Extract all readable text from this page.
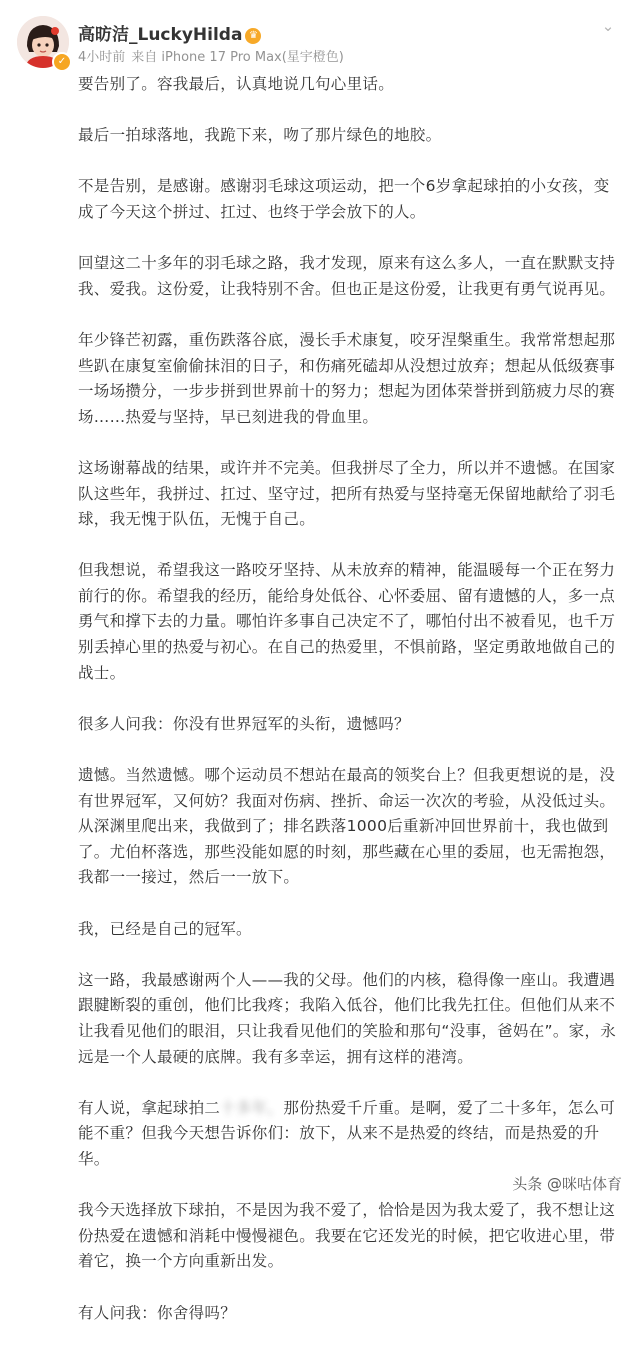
✓
高昉洁_LuckyHilda ♛
4小时前 来自 iPhone 17 Pro Max(星宇橙色)
⌄

要告别了。容我最后，认真地说几句心里话。

最后一拍球落地，我跪下来，吻了那片绿色的地胶。

不是告别，是感谢。感谢羽毛球这项运动，把一个6岁拿起球拍的小女孩，变成了今天这个拼过、扛过、也终于学会放下的人。

回望这二十多年的羽毛球之路，我才发现，原来有这么多人，一直在默默支持我、爱我。这份爱，让我特别不舍。但也正是这份爱，让我更有勇气说再见。

年少锋芒初露，重伤跌落谷底，漫长手术康复，咬牙涅槃重生。我常常想起那些趴在康复室偷偷抹泪的日子，和伤痛死磕却从没想过放弃；想起从低级赛事一场场攒分，一步步拼到世界前十的努力；想起为团体荣誉拼到筋疲力尽的赛场……热爱与坚持，早已刻进我的骨血里。

这场谢幕战的结果，或许并不完美。但我拼尽了全力，所以并不遗憾。在国家队这些年，我拼过、扛过、坚守过，把所有热爱与坚持毫无保留地献给了羽毛球，我无愧于队伍，无愧于自己。

但我想说，希望我这一路咬牙坚持、从未放弃的精神，能温暖每一个正在努力前行的你。希望我的经历，能给身处低谷、心怀委屈、留有遗憾的人，多一点勇气和撑下去的力量。哪怕许多事自己决定不了，哪怕付出不被看见，也千万别丢掉心里的热爱与初心。在自己的热爱里，不惧前路，坚定勇敢地做自己的战士。

很多人问我：你没有世界冠军的头衔，遗憾吗？

遗憾。当然遗憾。哪个运动员不想站在最高的领奖台上？但我更想说的是，没有世界冠军，又何妨？我面对伤病、挫折、命运一次次的考验，从没低过头。从深渊里爬出来，我做到了；排名跌落1000后重新冲回世界前十，我也做到了。尤伯杯落选，那些没能如愿的时刻，那些藏在心里的委屈，也无需抱怨，我都一一接过，然后一一放下。

我，已经是自己的冠军。

这一路，我最感谢两个人——我的父母。他们的内核，稳得像一座山。我遭遇跟腱断裂的重创，他们比我疼；我陷入低谷，他们比我先扛住。但他们从来不让我看见他们的眼泪，只让我看见他们的笑脸和那句“没事，爸妈在”。家，永远是一个人最硬的底牌。我有多幸运，拥有这样的港湾。

有人说，拿起球拍二十多年，那份热爱千斤重。是啊，爱了二十多年，怎么可能不重？但我今天想告诉你们：放下，从来不是热爱的终结，而是热爱的升华。

我今天选择放下球拍，不是因为我不爱了，恰恰是因为我太爱了，我不想让这份热爱在遗憾和消耗中慢慢褪色。我要在它还发光的时候，把它收进心里，带着它，换一个方向重新出发。

有人问我：你舍得吗？

头条 @咪咕体育
